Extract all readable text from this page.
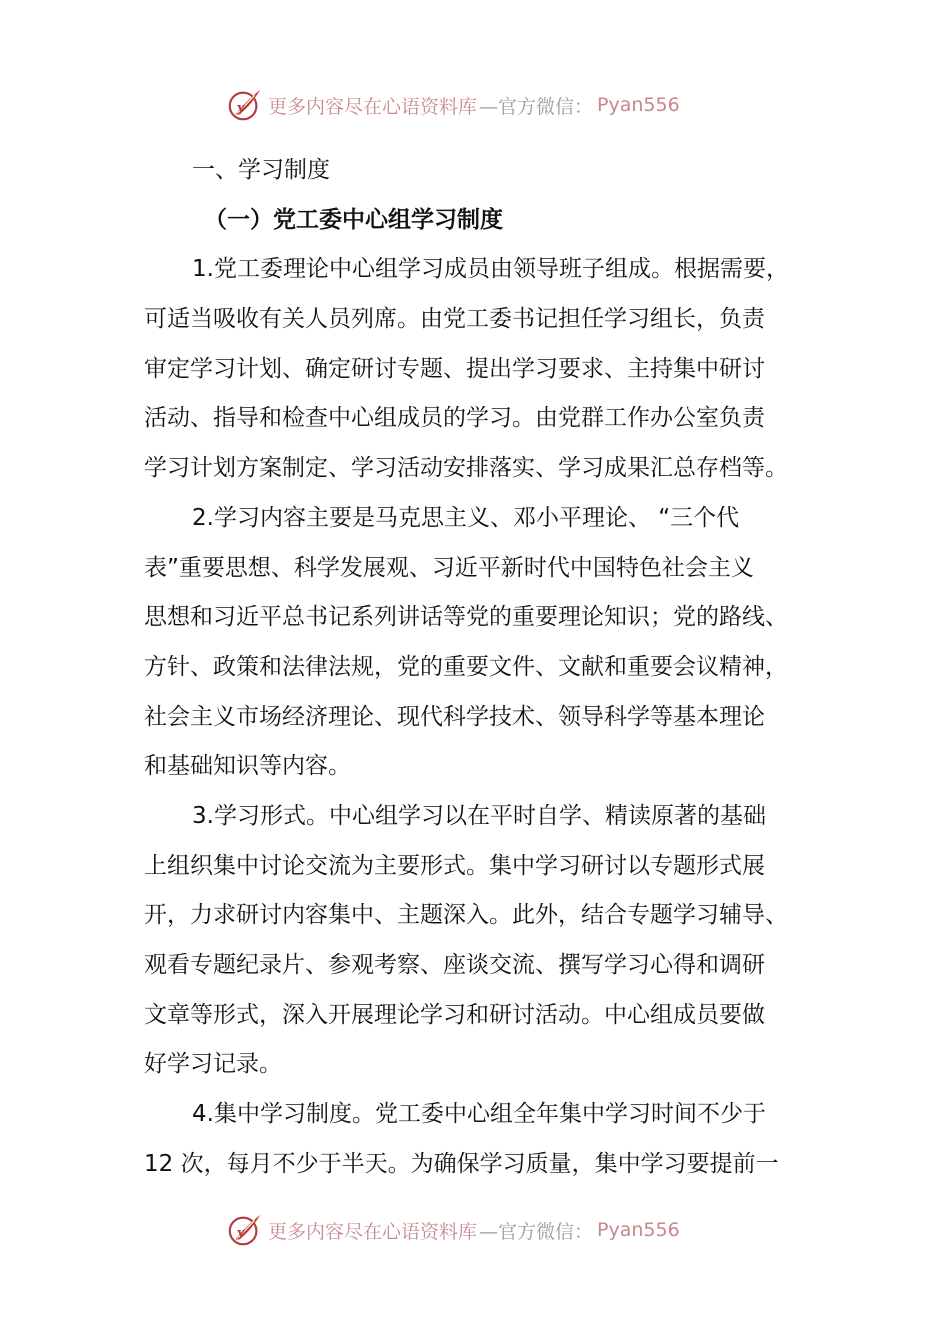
y 更多内容尽在心语资料库 —官方微信： Pyan556
一、学习制度
（一）党工委中心组学习制度
1.党工委理论中心组学习成员由领导班子组成。根据需要，
可适当吸收有关人员列席。由党工委书记担任学习组长，负责
审定学习计划、确定研讨专题、提出学习要求、主持集中研讨
活动、指导和检查中心组成员的学习。由党群工作办公室负责
学习计划方案制定、学习活动安排落实、学习成果汇总存档等。
2.学习内容主要是马克思主义、邓小平理论、 “三个代
表”重要思想、科学发展观、习近平新时代中国特色社会主义
思想和习近平总书记系列讲话等党的重要理论知识；党的路线、
方针、政策和法律法规，党的重要文件、文献和重要会议精神，
社会主义市场经济理论、现代科学技术、领导科学等基本理论
和基础知识等内容。
3.学习形式。中心组学习以在平时自学、精读原著的基础
上组织集中讨论交流为主要形式。集中学习研讨以专题形式展
开，力求研讨内容集中、主题深入。此外，结合专题学习辅导、
观看专题纪录片、参观考察、座谈交流、撰写学习心得和调研
文章等形式，深入开展理论学习和研讨活动。中心组成员要做
好学习记录。
4.集中学习制度。党工委中心组全年集中学习时间不少于
12 次，每月不少于半天。为确保学习质量，集中学习要提前一
y 更多内容尽在心语资料库 —官方微信： Pyan556
